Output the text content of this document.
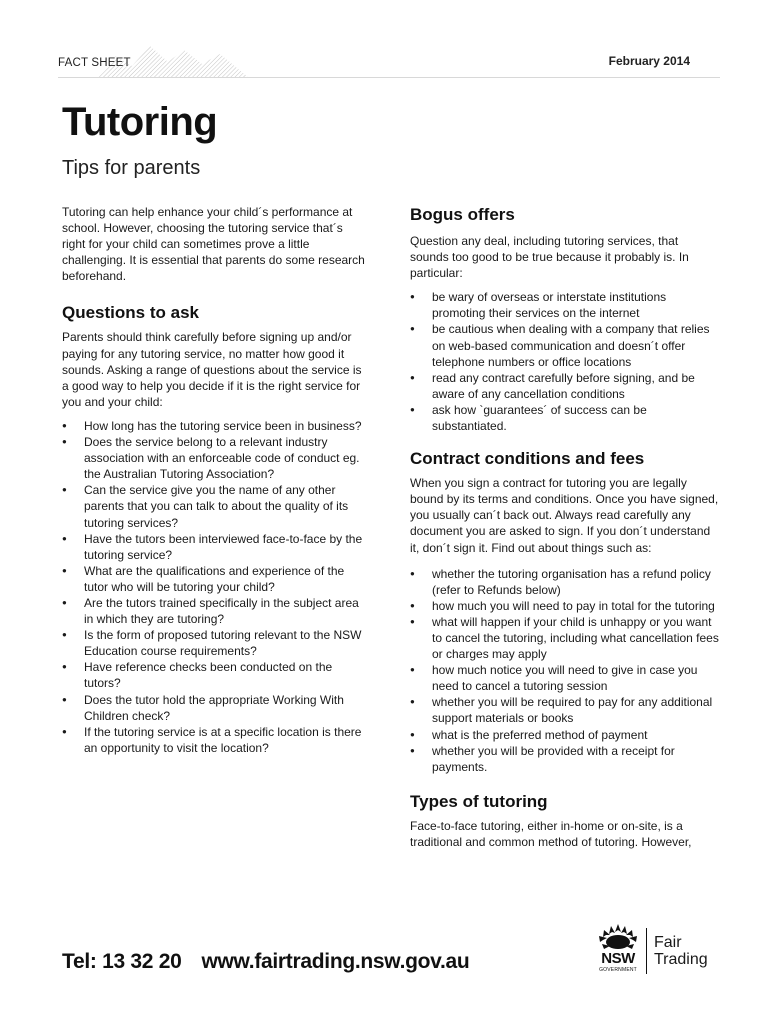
FACT SHEET	February 2014
Tutoring
Tips for parents

Tutoring can help enhance your child´s performance at school. However, choosing the tutoring service that´s right for your child can sometimes prove a little challenging. It is essential that parents do some research beforehand.

Questions to ask

Parents should think carefully before signing up and/or paying for any tutoring service, no matter how good it sounds. Asking a range of questions about the service is a good way to help you decide if it is the right service for you and your child:

● How long has the tutoring service been in business?
● Does the service belong to a relevant industry association with an enforceable code of conduct eg. the Australian Tutoring Association?
● Can the service give you the name of any other parents that you can talk to about the quality of its tutoring services?
● Have the tutors been interviewed face-to-face by the tutoring service?
● What are the qualifications and experience of the tutor who will be tutoring your child?
● Are the tutors trained specifically in the subject area in which they are tutoring?
● Is the form of proposed tutoring relevant to the NSW Education course requirements?
● Have reference checks been conducted on the tutors?
● Does the tutor hold the appropriate Working With Children check?
● If the tutoring service is at a specific location is there an opportunity to visit the location?
Bogus offers

Question any deal, including tutoring services, that sounds too good to be true because it probably is. In particular:

● be wary of overseas or interstate institutions promoting their services on the internet
● be cautious when dealing with a company that relies on web-based communication and doesn´t offer telephone numbers or office locations
● read any contract carefully before signing, and be aware of any cancellation conditions
● ask how `guarantees´ of success can be substantiated.
Contract conditions and fees

When you sign a contract for tutoring you are legally bound by its terms and conditions. Once you have signed, you usually can´t back out. Always read carefully any document you are asked to sign. If you don´t understand it, don´t sign it. Find out about things such as:

● whether the tutoring organisation has a refund policy (refer to Refunds below)
● how much you will need to pay in total for the tutoring
● what will happen if your child is unhappy or you want to cancel the tutoring, including what cancellation fees or charges may apply
● how much notice you will need to give in case you need to cancel a tutoring session
● whether you will be required to pay for any additional support materials or books
● what is the preferred method of payment
● whether you will be provided with a receipt for payments.
Types of tutoring

Face-to-face tutoring, either in-home or on-site, is a traditional and common method of tutoring. However,

Tel: 13 32 20 www.fairtrading.nsw.gov.au	NSW
GOVERNMENT
Fair
Trading
